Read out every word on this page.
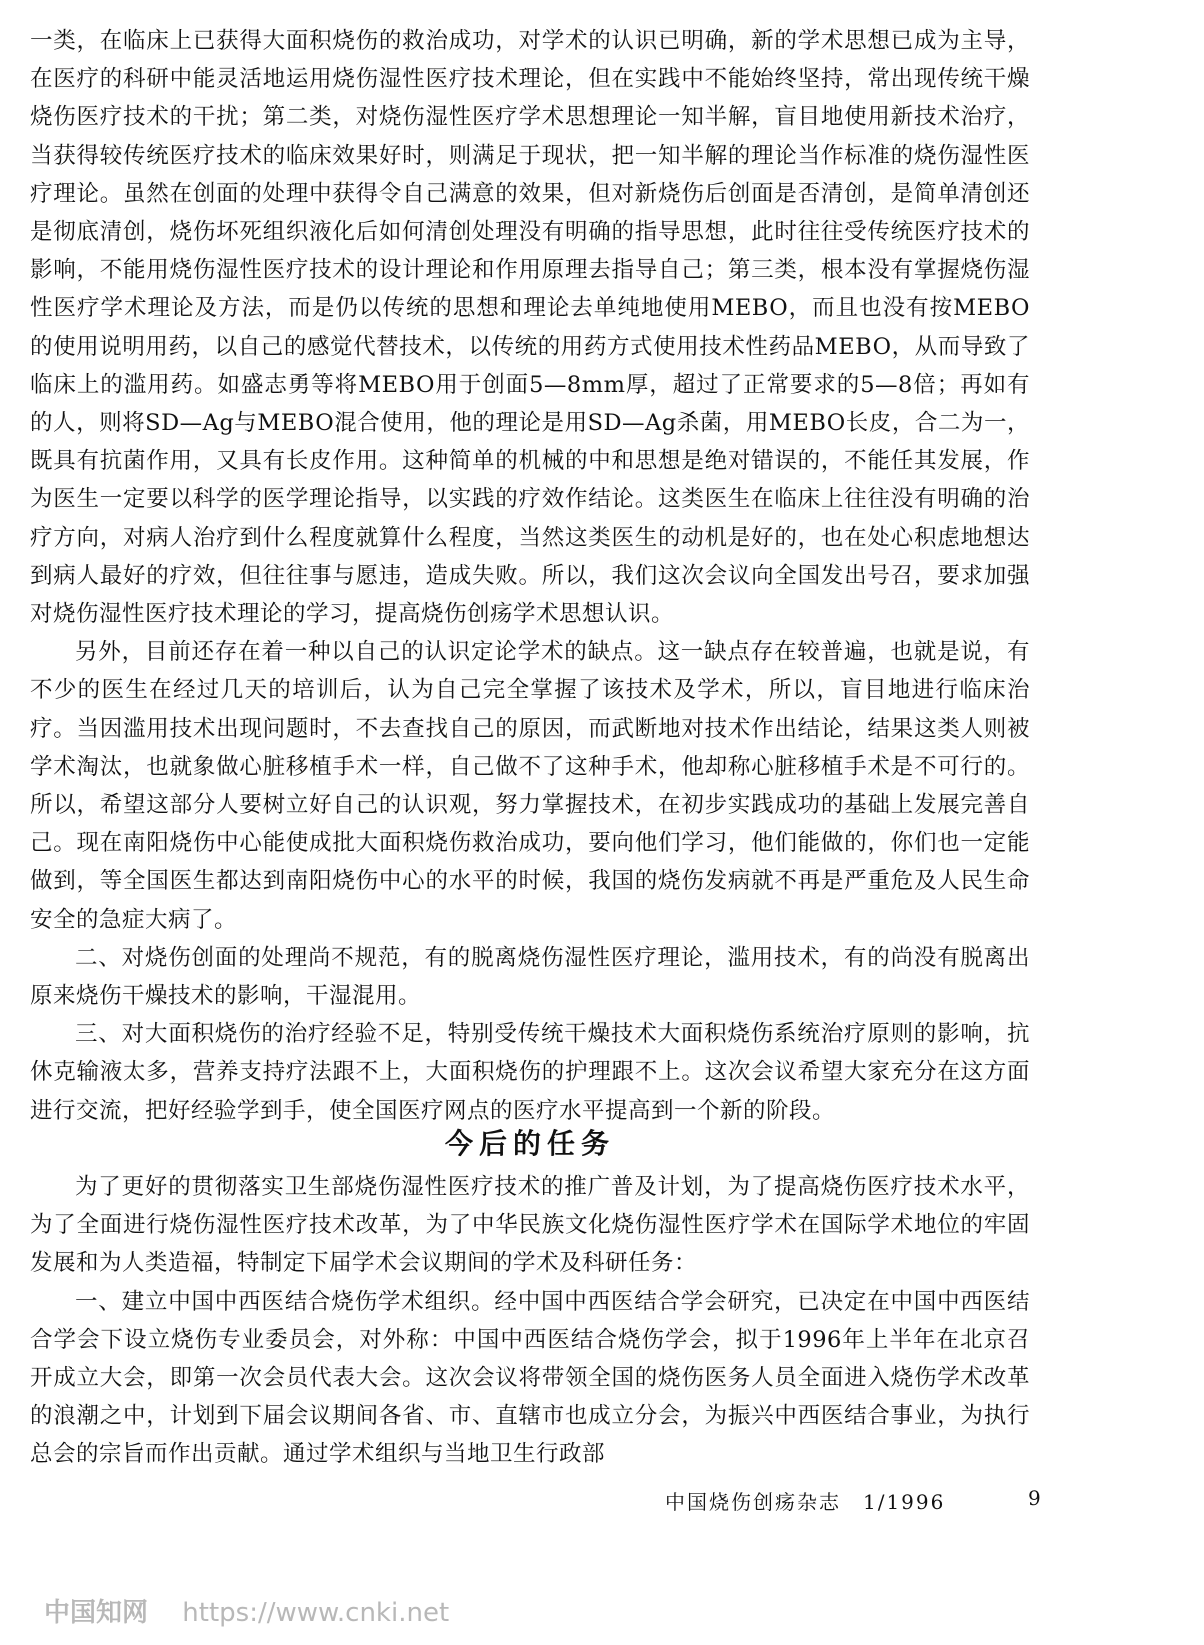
一类，在临床上已获得大面积烧伤的救治成功，对学术的认识已明确，新的学术思想已成为主导，在医疗的科研中能灵活地运用烧伤湿性医疗技术理论，但在实践中不能始终坚持，常出现传统干燥烧伤医疗技术的干扰；第二类，对烧伤湿性医疗学术思想理论一知半解，盲目地使用新技术治疗，当获得较传统医疗技术的临床效果好时，则满足于现状，把一知半解的理论当作标准的烧伤湿性医疗理论。虽然在创面的处理中获得令自己满意的效果，但对新烧伤后创面是否清创，是简单清创还是彻底清创，烧伤坏死组织液化后如何清创处理没有明确的指导思想，此时往往受传统医疗技术的影响，不能用烧伤湿性医疗技术的设计理论和作用原理去指导自己；第三类，根本没有掌握烧伤湿性医疗学术理论及方法，而是仍以传统的思想和理论去单纯地使用MEBO，而且也没有按MEBO的使用说明用药，以自己的感觉代替技术，以传统的用药方式使用技术性药品MEBO，从而导致了临床上的滥用药。如盛志勇等将MEBO用于创面5—8mm厚，超过了正常要求的5—8倍；再如有的人，则将SD—Ag与MEBO混合使用，他的理论是用SD—Ag杀菌，用MEBO长皮，合二为一，既具有抗菌作用，又具有长皮作用。这种简单的机械的中和思想是绝对错误的，不能任其发展，作为医生一定要以科学的医学理论指导，以实践的疗效作结论。这类医生在临床上往往没有明确的治疗方向，对病人治疗到什么程度就算什么程度，当然这类医生的动机是好的，也在处心积虑地想达到病人最好的疗效，但往往事与愿违，造成失败。所以，我们这次会议向全国发出号召，要求加强对烧伤湿性医疗技术理论的学习，提高烧伤创疡学术思想认识。

另外，目前还存在着一种以自己的认识定论学术的缺点。这一缺点存在较普遍，也就是说，有不少的医生在经过几天的培训后，认为自己完全掌握了该技术及学术，所以，盲目地进行临床治疗。当因滥用技术出现问题时，不去查找自己的原因，而武断地对技术作出结论，结果这类人则被学术淘汰，也就象做心脏移植手术一样，自己做不了这种手术，他却称心脏移植手术是不可行的。所以，希望这部分人要树立好自己的认识观，努力掌握技术，在初步实践成功的基础上发展完善自己。现在南阳烧伤中心能使成批大面积烧伤救治成功，要向他们学习，他们能做的，你们也一定能做到，等全国医生都达到南阳烧伤中心的水平的时候，我国的烧伤发病就不再是严重危及人民生命安全的急症大病了。

二、对烧伤创面的处理尚不规范，有的脱离烧伤湿性医疗理论，滥用技术，有的尚没有脱离出原来烧伤干燥技术的影响，干湿混用。

三、对大面积烧伤的治疗经验不足，特别受传统干燥技术大面积烧伤系统治疗原则的影响，抗休克输液太多，营养支持疗法跟不上，大面积烧伤的护理跟不上。这次会议希望大家充分在这方面进行交流，把好经验学到手，使全国医疗网点的医疗水平提高到一个新的阶段。

今后的任务

为了更好的贯彻落实卫生部烧伤湿性医疗技术的推广普及计划，为了提高烧伤医疗技术水平，为了全面进行烧伤湿性医疗技术改革，为了中华民族文化烧伤湿性医疗学术在国际学术地位的牢固发展和为人类造福，特制定下届学术会议期间的学术及科研任务：

一、建立中国中西医结合烧伤学术组织。经中国中西医结合学会研究，已决定在中国中西医结合学会下设立烧伤专业委员会，对外称：中国中西医结合烧伤学会，拟于1996年上半年在北京召开成立大会，即第一次会员代表大会。这次会议将带领全国的烧伤医务人员全面进入烧伤学术改革的浪潮之中，计划到下届会议期间各省、市、直辖市也成立分会，为振兴中西医结合事业，为执行总会的宗旨而作出贡献。通过学术组织与当地卫生行政部

中国烧伤创疡杂志　1/1996	9
中国知网 https://www.cnki.net
